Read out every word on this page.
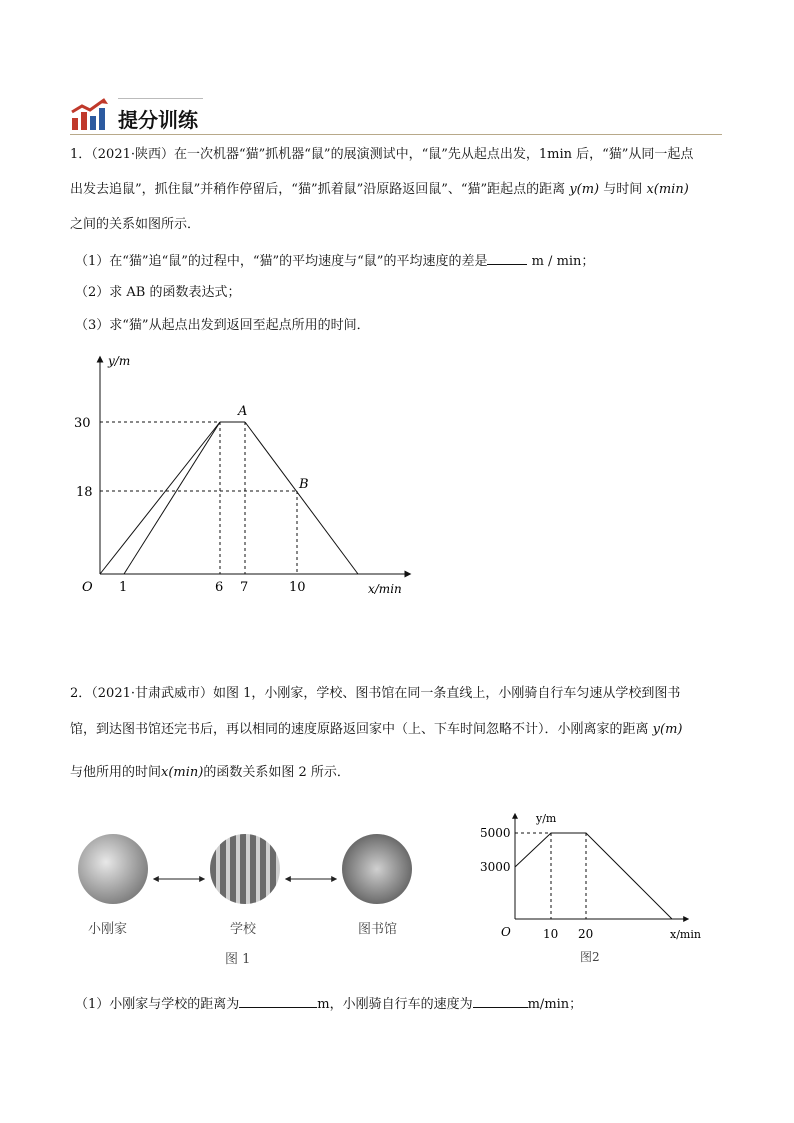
提分训练
1．（2021·陕西）在一次机器“猫”抓机器“鼠”的展演测试中，“鼠”先从起点出发，1min 后，“猫”从同一起点
出发去追鼠”，抓住鼠”并稍作停留后，“猫”抓着鼠”沿原路返回鼠”、“猫”距起点的距离 y(m) 与时间 x(min)
之间的关系如图所示．
（1）在“猫”追“鼠”的过程中，“猫”的平均速度与“鼠”的平均速度的差是	m / min；
（2）求 AB 的函数表达式；
（3）求“猫”从起点出发到返回至起点所用的时间．
y/m
30
18
O 1	6 7	10	x/min
A
B
2．（2021·甘肃武威市）如图 1，小刚家，学校、图书馆在同一条直线上，小刚骑自行车匀速从学校到图书
馆，到达图书馆还完书后，再以相同的速度原路返回家中（上、下车时间忽略不计）．小刚离家的距离 y(m)
与他所用的时间x(min)的函数关系如图 2 所示．
小刚家	学校	图书馆
图 1
y/m
5000
3000
O	10 20	x/min
图2
（1）小刚家与学校的距离为	m，小刚骑自行车的速度为	m/min；
